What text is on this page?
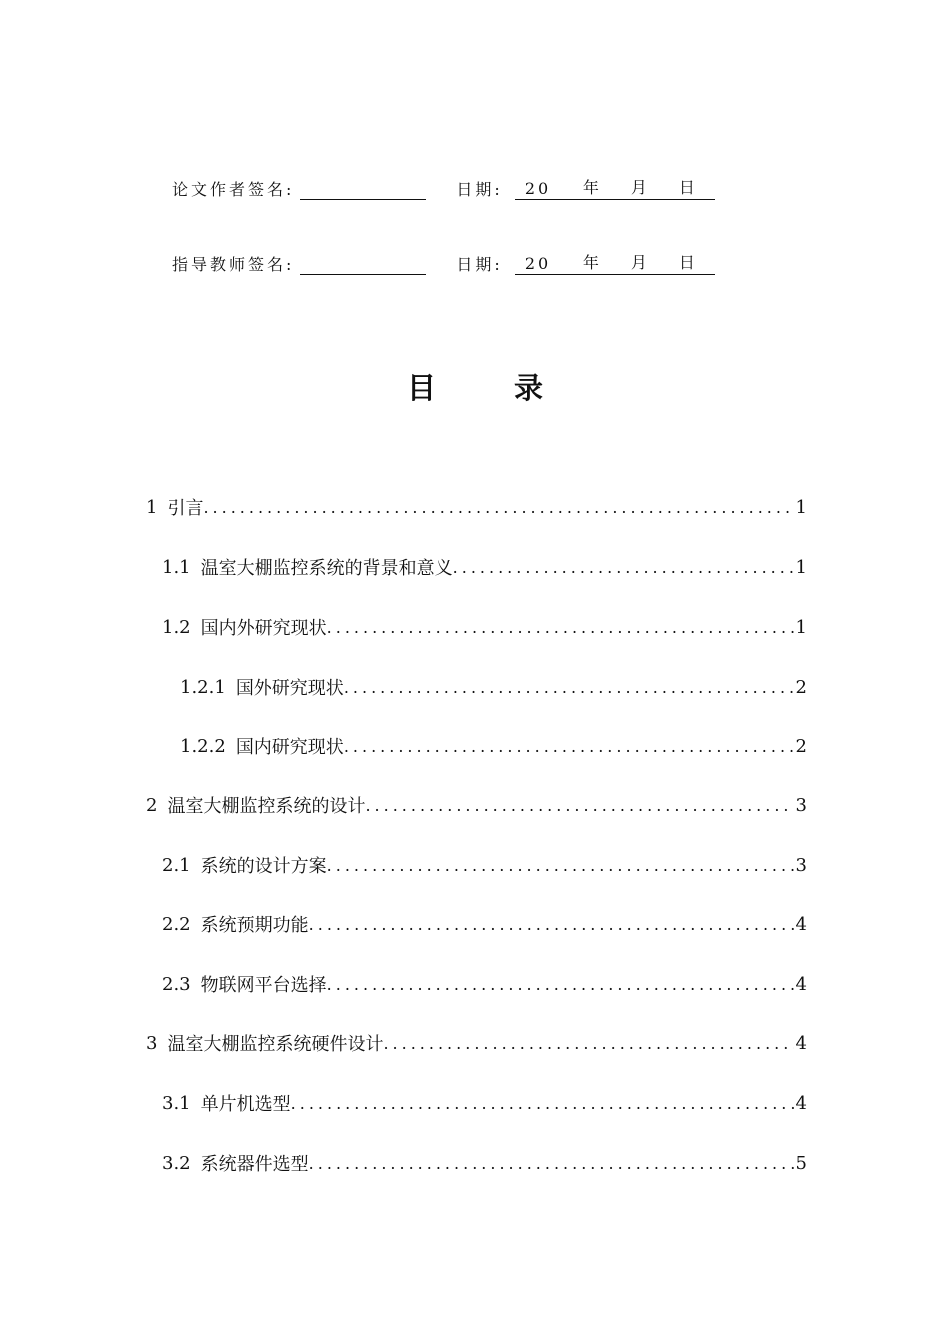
论文作者签名:	日期: 20	年	月	日
指导教师签名:	日期: 20	年	月	日
目 录
1 引言 .....	1
1.1 温室大棚监控系统的背景和意义 .....	1
1.2 国内外研究现状 .....	1
1.2.1 国外研究现状 .....	2
1.2.2 国内研究现状 .....	2
2 温室大棚监控系统的设计 .....	3
2.1 系统的设计方案 .....	3
2.2 系统预期功能 .....	4
2.3 物联网平台选择 .....	4
3 温室大棚监控系统硬件设计 .....	4
3.1 单片机选型 .....	4
3.2 系统器件选型 .....	5
